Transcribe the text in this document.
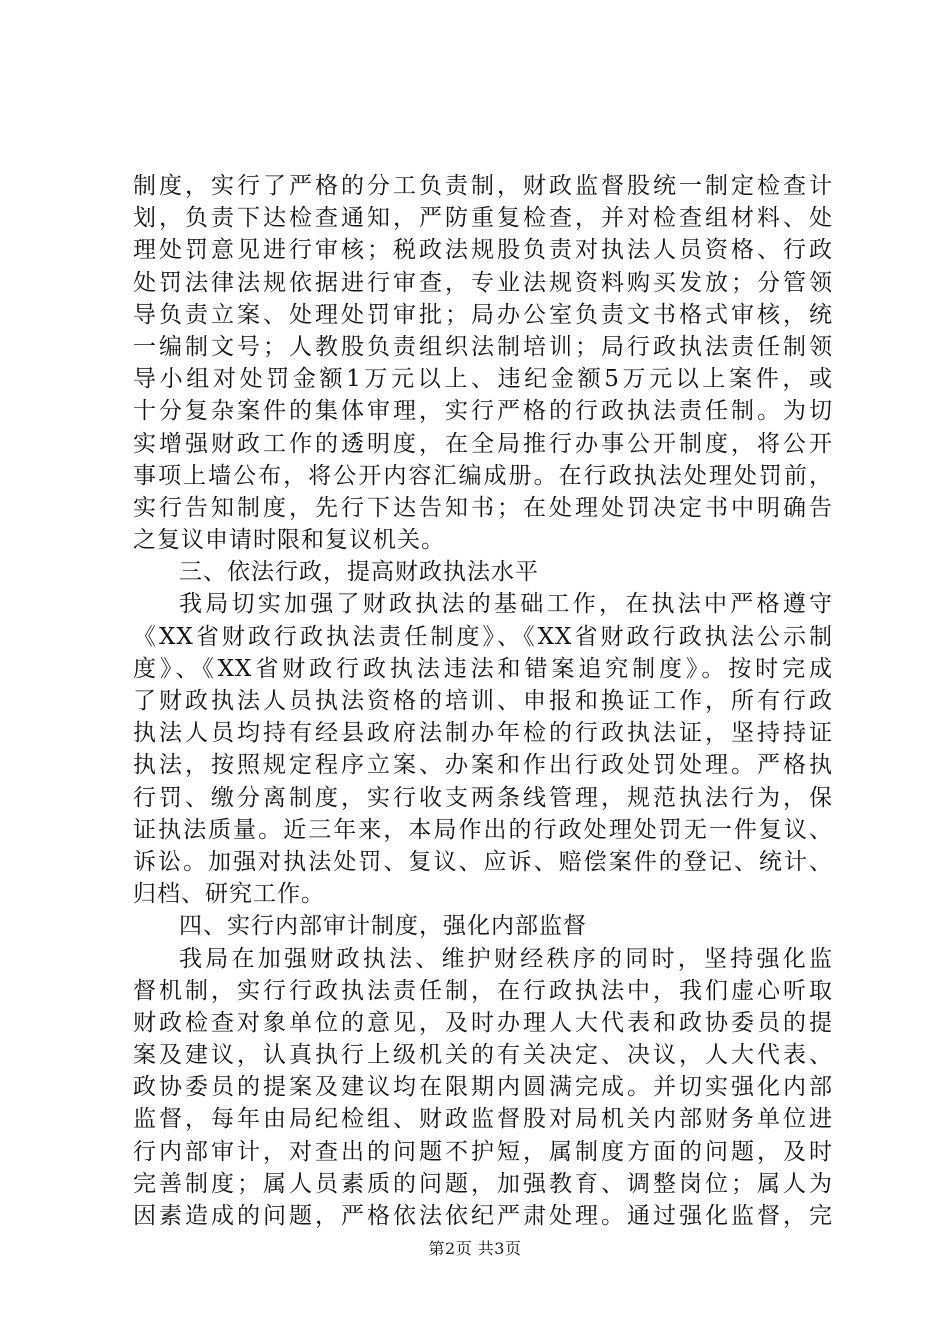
制度，实行了严格的分工负责制，财政监督股统一制定检查计
划，负责下达检查通知，严防重复检查，并对检查组材料、处
理处罚意见进行审核；税政法规股负责对执法人员资格、行政
处罚法律法规依据进行审查，专业法规资料购买发放；分管领
导负责立案、处理处罚审批；局办公室负责文书格式审核，统
一编制文号；人教股负责组织法制培训；局行政执法责任制领
导小组对处罚金额1万元以上、违纪金额5万元以上案件，或
十分复杂案件的集体审理，实行严格的行政执法责任制。为切
实增强财政工作的透明度，在全局推行办事公开制度，将公开
事项上墙公布，将公开内容汇编成册。在行政执法处理处罚前，
实行告知制度，先行下达告知书；在处理处罚决定书中明确告
之复议申请时限和复议机关。
三、依法行政，提高财政执法水平
我局切实加强了财政执法的基础工作，在执法中严格遵守
《XX省财政行政执法责任制度》、《XX省财政行政执法公示制
度》、《XX省财政行政执法违法和错案追究制度》。按时完成
了财政执法人员执法资格的培训、申报和换证工作，所有行政
执法人员均持有经县政府法制办年检的行政执法证，坚持持证
执法，按照规定程序立案、办案和作出行政处罚处理。严格执
行罚、缴分离制度，实行收支两条线管理，规范执法行为，保
证执法质量。近三年来，本局作出的行政处理处罚无一件复议、
诉讼。加强对执法处罚、复议、应诉、赔偿案件的登记、统计、
归档、研究工作。
四、实行内部审计制度，强化内部监督
我局在加强财政执法、维护财经秩序的同时，坚持强化监
督机制，实行行政执法责任制，在行政执法中，我们虚心听取
财政检查对象单位的意见，及时办理人大代表和政协委员的提
案及建议，认真执行上级机关的有关决定、决议，人大代表、
政协委员的提案及建议均在限期内圆满完成。并切实强化内部
监督，每年由局纪检组、财政监督股对局机关内部财务单位进
行内部审计，对查出的问题不护短，属制度方面的问题，及时
完善制度；属人员素质的问题，加强教育、调整岗位；属人为
因素造成的问题，严格依法依纪严肃处理。通过强化监督，完
第2页 共3页
